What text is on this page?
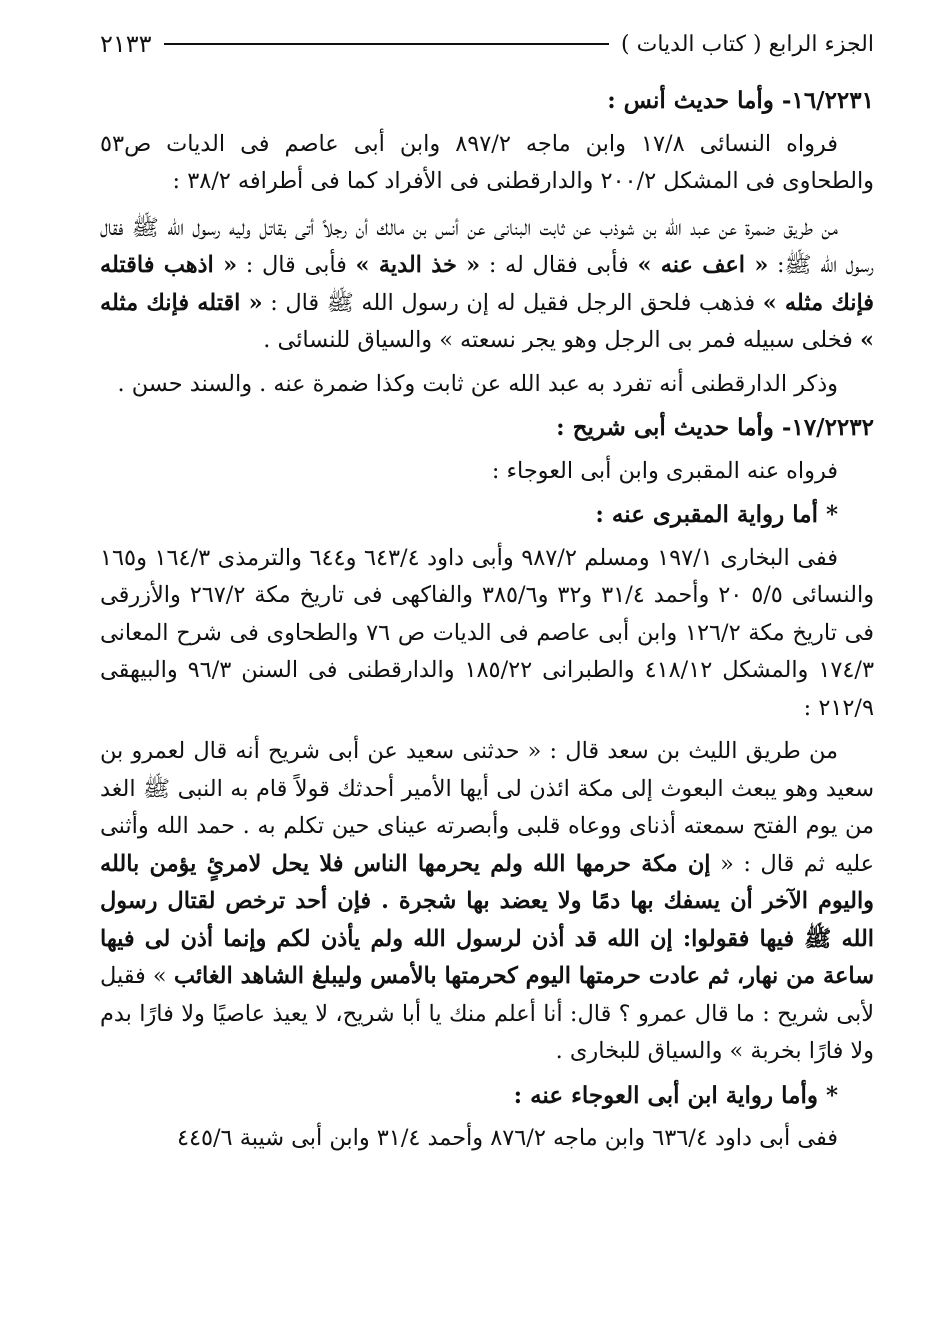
الجزء الرابع ( كتاب الديات )
٢١٣٣

١٦/٢٢٣١- وأما حديث أنس :

فرواه النسائى ١٧/٨ وابن ماجه ٨٩٧/٢ وابن أبى عاصم فى الديات ص٥٣ والطحاوى فى المشكل ٢٠٠/٢ والدارقطنى فى الأفراد كما فى أطرافه ٣٨/٢ :

من طريق ضمرة عن عبد الله بن شوذب عن ثابت البنانى عن أنس بن مالك أن رجلاً أتى بقاتل وليه رسول الله ﷺ فقال رسول الله ﷺ: « اعف عنه » فأبى فقال له : « خذ الدية » فأبى قال : « اذهب فاقتله فإنك مثله » فذهب فلحق الرجل فقيل له إن رسول الله ﷺ قال : « اقتله فإنك مثله » فخلى سبيله فمر بى الرجل وهو يجر نسعته » والسياق للنسائى .

وذكر الدارقطنى أنه تفرد به عبد الله عن ثابت وكذا ضمرة عنه . والسند حسن .

١٧/٢٢٣٢- وأما حديث أبى شريح :

فرواه عنه المقبرى وابن أبى العوجاء :

* أما رواية المقبرى عنه :

ففى البخارى ١٩٧/١ ومسلم ٩٨٧/٢ وأبى داود ٦٤٣/٤ و٦٤٤ والترمذى ١٦٤/٣ و١٦٥ والنسائى ٥/٥ ٢٠ وأحمد ٣١/٤ و٣٢ و٣٨٥/٦ والفاكهى فى تاريخ مكة ٢٦٧/٢ والأزرقى فى تاريخ مكة ١٢٦/٢ وابن أبى عاصم فى الديات ص ٧٦ والطحاوى فى شرح المعانى ١٧٤/٣ والمشكل ٤١٨/١٢ والطبرانى ١٨٥/٢٢ والدارقطنى فى السنن ٩٦/٣ والبيهقى ٢١٢/٩ :

من طريق الليث بن سعد قال : « حدثنى سعيد عن أبى شريح أنه قال لعمرو بن سعيد وهو يبعث البعوث إلى مكة ائذن لى أيها الأمير أحدثك قولاً قام به النبى ﷺ الغد من يوم الفتح سمعته أذناى ووعاه قلبى وأبصرته عيناى حين تكلم به . حمد الله وأثنى عليه ثم قال : « إن مكة حرمها الله ولم يحرمها الناس فلا يحل لامرئٍ يؤمن بالله واليوم الآخر أن يسفك بها دمًا ولا يعضد بها شجرة . فإن أحد ترخص لقتال رسول الله ﷺ فيها فقولوا: إن الله قد أذن لرسول الله ولم يأذن لكم وإنما أذن لى فيها ساعة من نهار، ثم عادت حرمتها اليوم كحرمتها بالأمس وليبلغ الشاهد الغائب » فقيل لأبى شريح : ما قال عمرو ؟ قال: أنا أعلم منك يا أبا شريح، لا يعيذ عاصيًا ولا فارًا بدم ولا فارًا بخربة » والسياق للبخارى .

* وأما رواية ابن أبى العوجاء عنه :

ففى أبى داود ٦٣٦/٤ وابن ماجه ٨٧٦/٢ وأحمد ٣١/٤ وابن أبى شيبة ٤٤٥/٦
